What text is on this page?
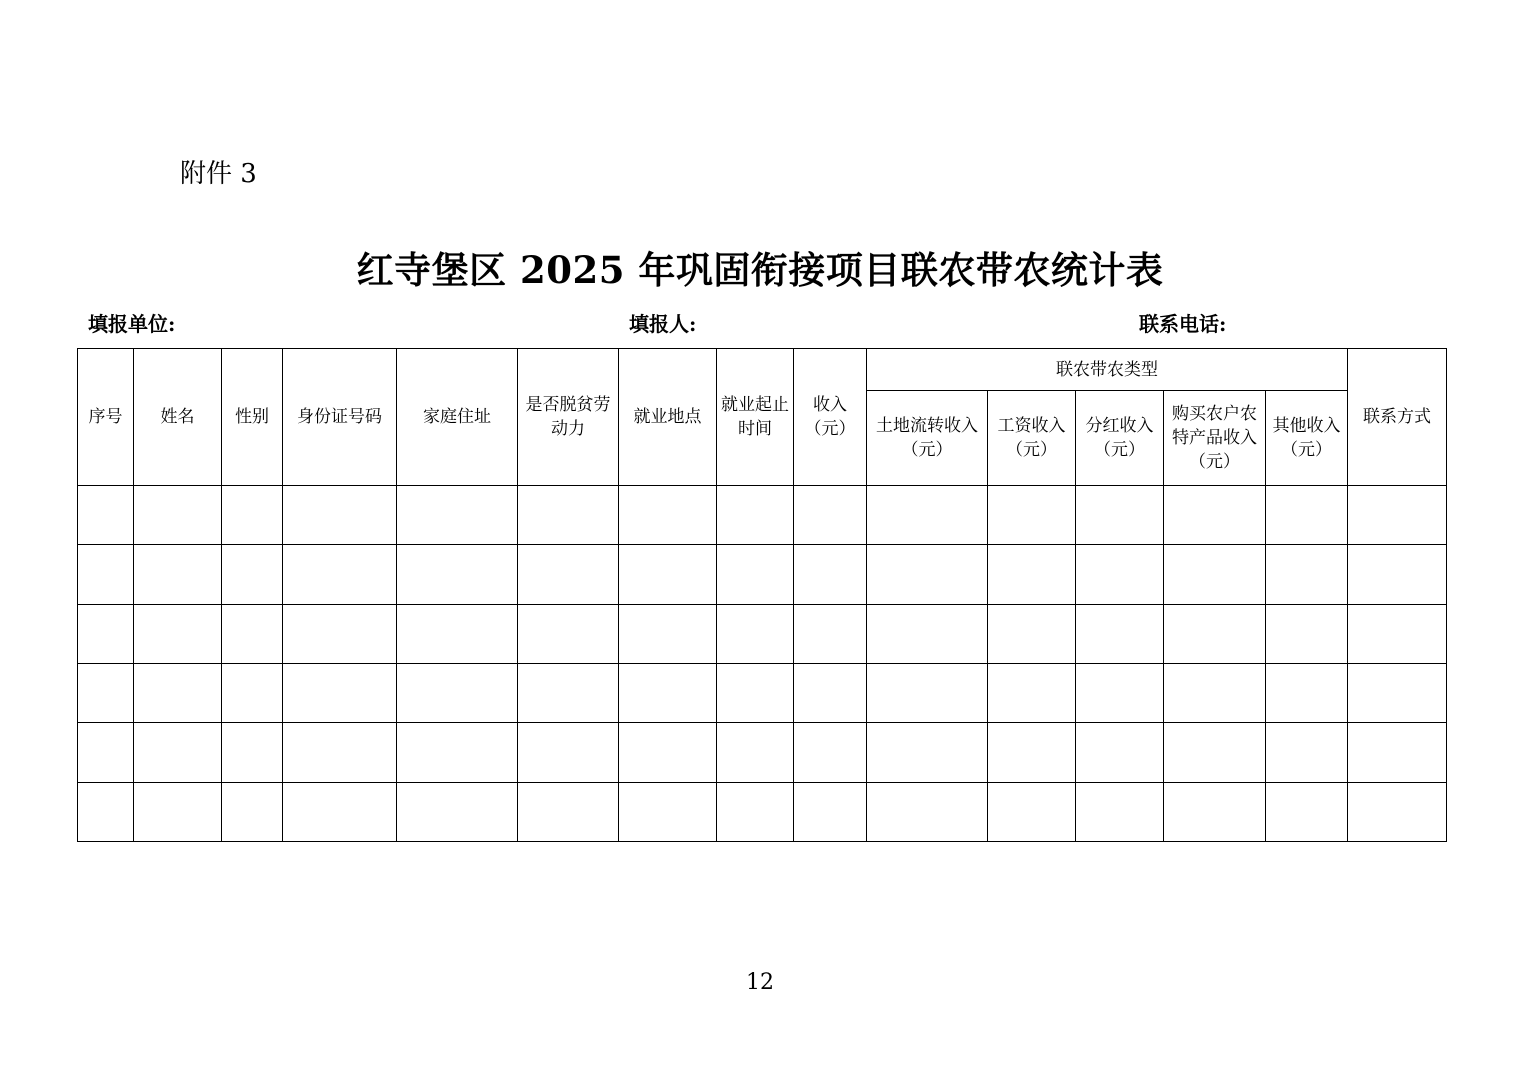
附件 3
红寺堡区 2025 年巩固衔接项目联农带农统计表
填报单位:	填报人:	联系电话:
序号	姓名	性别	身份证号码	家庭住址	是否脱贫劳动力	就业地点	就业起止时间	收入（元）	联农带农类型					联系方式
									土地流转收入（元）	工资收入（元）	分红收入（元）	购买农户农特产品收入（元）	其他收入（元）	

12
